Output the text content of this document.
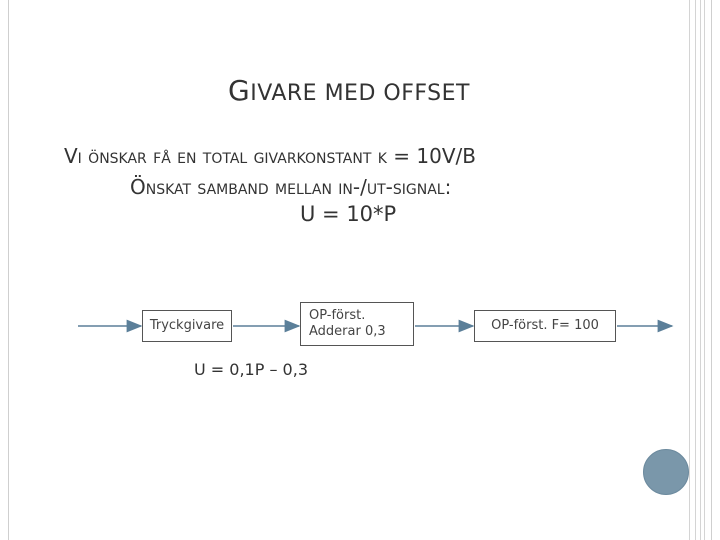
GIVARE MED OFFSET
Vi önskar få en total givarkonstant k = 10V/B
Önskat samband mellan in-/ut-signal:
U = 10*P
Tryckgivare
OP-först.
Adderar 0,3	OP-först. F= 100
U = 0,1P – 0,3
